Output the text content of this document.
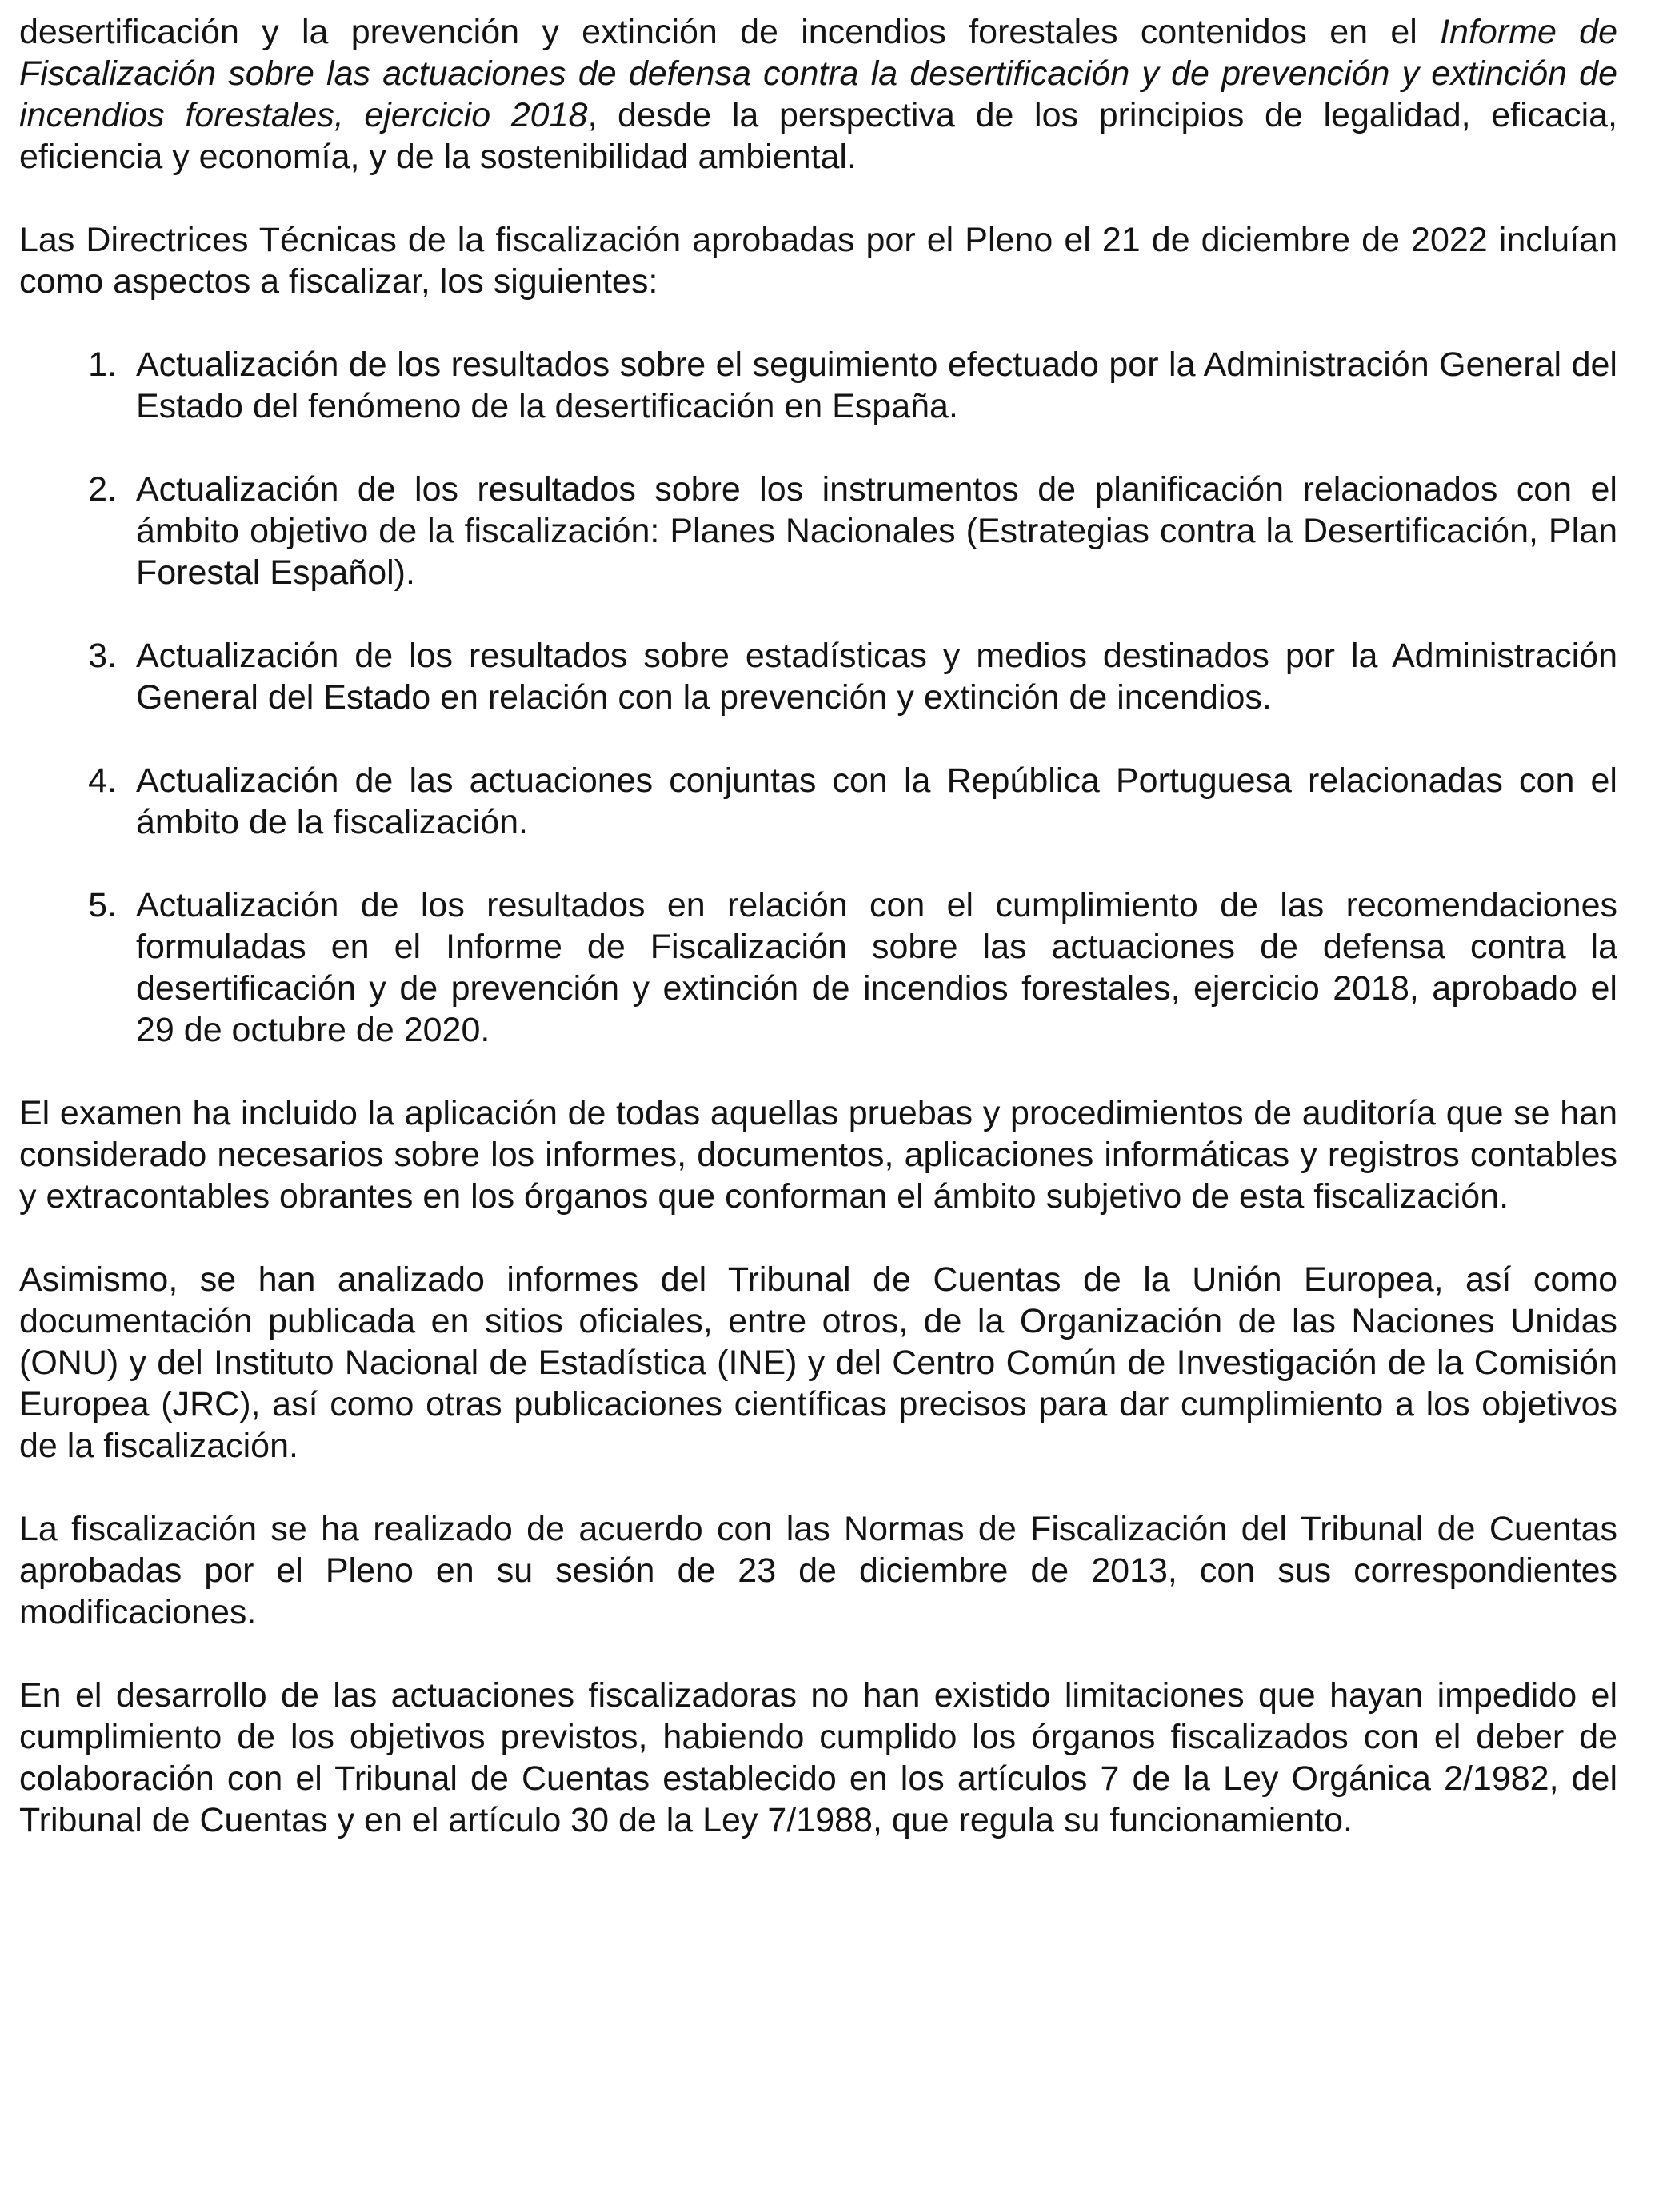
desertificación y la prevención y extinción de incendios forestales contenidos en el Informe de Fiscalización sobre las actuaciones de defensa contra la desertificación y de prevención y extinción de incendios forestales, ejercicio 2018, desde la perspectiva de los principios de legalidad, eficacia, eficiencia y economía, y de la sostenibilidad ambiental.

Las Directrices Técnicas de la fiscalización aprobadas por el Pleno el 21 de diciembre de 2022 incluían como aspectos a fiscalizar, los siguientes:

1. Actualización de los resultados sobre el seguimiento efectuado por la Administración General del Estado del fenómeno de la desertificación en España.
2. Actualización de los resultados sobre los instrumentos de planificación relacionados con el ámbito objetivo de la fiscalización: Planes Nacionales (Estrategias contra la Desertificación, Plan Forestal Español).
3. Actualización de los resultados sobre estadísticas y medios destinados por la Administración General del Estado en relación con la prevención y extinción de incendios.
4. Actualización de las actuaciones conjuntas con la República Portuguesa relacionadas con el ámbito de la fiscalización.
5. Actualización de los resultados en relación con el cumplimiento de las recomendaciones formuladas en el Informe de Fiscalización sobre las actuaciones de defensa contra la desertificación y de prevención y extinción de incendios forestales, ejercicio 2018, aprobado el 29 de octubre de 2020.

El examen ha incluido la aplicación de todas aquellas pruebas y procedimientos de auditoría que se han considerado necesarios sobre los informes, documentos, aplicaciones informáticas y registros contables y extracontables obrantes en los órganos que conforman el ámbito subjetivo de esta fiscalización.

Asimismo, se han analizado informes del Tribunal de Cuentas de la Unión Europea, así como documentación publicada en sitios oficiales, entre otros, de la Organización de las Naciones Unidas (ONU) y del Instituto Nacional de Estadística (INE) y del Centro Común de Investigación de la Comisión Europea (JRC), así como otras publicaciones científicas precisos para dar cumplimiento a los objetivos de la fiscalización.

La fiscalización se ha realizado de acuerdo con las Normas de Fiscalización del Tribunal de Cuentas aprobadas por el Pleno en su sesión de 23 de diciembre de 2013, con sus correspondientes modificaciones.

En el desarrollo de las actuaciones fiscalizadoras no han existido limitaciones que hayan impedido el cumplimiento de los objetivos previstos, habiendo cumplido los órganos fiscalizados con el deber de colaboración con el Tribunal de Cuentas establecido en los artículos 7 de la Ley Orgánica 2/1982, del Tribunal de Cuentas y en el artículo 30 de la Ley 7/1988, que regula su funcionamiento.
